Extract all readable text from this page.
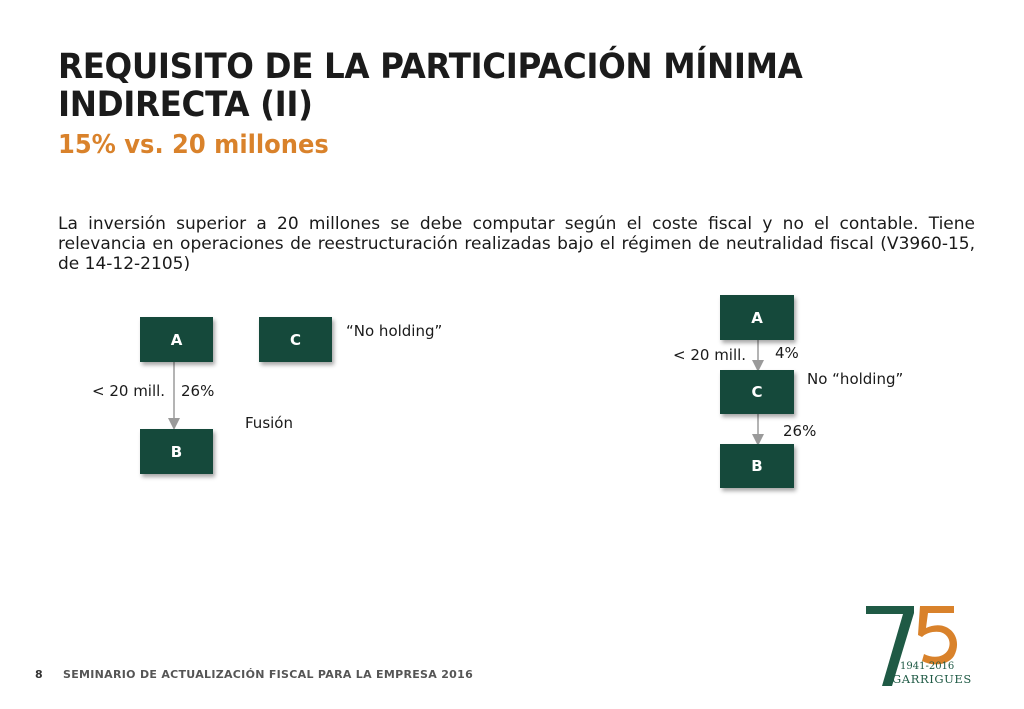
REQUISITO DE LA PARTICIPACIÓN MÍNIMA
INDIRECTA (II)
15% vs. 20 millones
La inversión superior a 20 millones se debe computar según el coste fiscal y no el contable. Tiene relevancia en operaciones de reestructuración realizadas bajo el régimen de neutralidad fiscal (V3960-15, de 14-12-2105)
A	C
B
“No holding”
< 20 mill. 26%
Fusión
A
C
B
< 20 mill. 4%
No “holding”
26%
8 SEMINARIO DE ACTUALIZACIÓN FISCAL PARA LA EMPRESA 2016
1941-2016
GARRIGUES
